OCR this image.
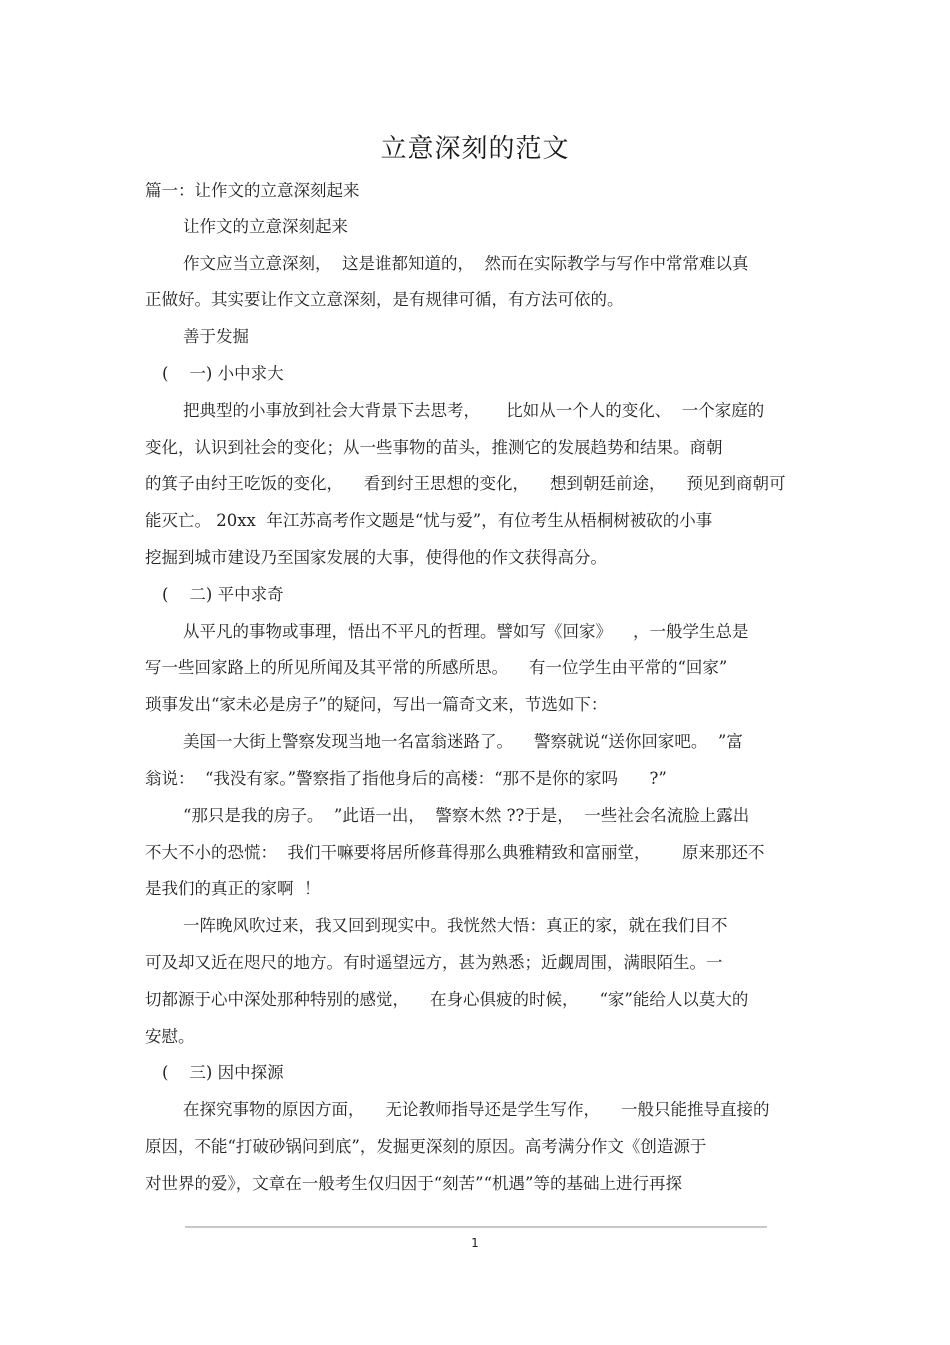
立意深刻的范文
篇一：让作文的立意深刻起来
让作文的立意深刻起来
作文应当立意深刻，  这是谁都知道的，  然而在实际教学与写作中常常难以真
正做好。其实要让作文立意深刻，是有规律可循，有方法可依的。
善于发掘
(    一) 小中求大
把典型的小事放到社会大背景下去思考，     比如从一个人的变化、  一个家庭的
变化，认识到社会的变化；从一些事物的苗头，推测它的发展趋势和结果。商朝
的箕子由纣王吃饭的变化，    看到纣王思想的变化，    想到朝廷前途，    预见到商朝可
能灭亡。 20xx  年江苏高考作文题是“忧与爱”，有位考生从梧桐树被砍的小事
挖掘到城市建设乃至国家发展的大事，使得他的作文获得高分。
(    二) 平中求奇
从平凡的事物或事理，悟出不平凡的哲理。譬如写《回家》    ，一般学生总是
写一些回家路上的所见所闻及其平常的所感所思。    有一位学生由平常的“回家”
琐事发出“家未必是房子”的疑问，写出一篇奇文来，节选如下：
美国一大街上警察发现当地一名富翁迷路了。    警察就说“送你回家吧。  ”富
翁说：  “我没有家。”警察指了指他身后的高楼：“那不是你的家吗      ?”
“那只是我的房子。  ”此语一出，  警察木然 ??于是，  一些社会名流脸上露出
不大不小的恐慌：  我们干嘛要将居所修葺得那么典雅精致和富丽堂，      原来那还不
是我们的真正的家啊  ！
一阵晚风吹过来，我又回到现实中。我恍然大悟：真正的家，就在我们目不
可及却又近在咫尺的地方。有时遥望远方，甚为熟悉；近觑周围，满眼陌生。一
切都源于心中深处那种特别的感觉，    在身心俱疲的时候，    “家”能给人以莫大的
安慰。
(    三) 因中探源
在探究事物的原因方面，    无论教师指导还是学生写作，    一般只能推导直接的
原因，不能“打破砂锅问到底”，发掘更深刻的原因。高考满分作文《创造源于
对世界的爱》，文章在一般考生仅归因于“刻苦”“机遇”等的基础上进行再探
1
